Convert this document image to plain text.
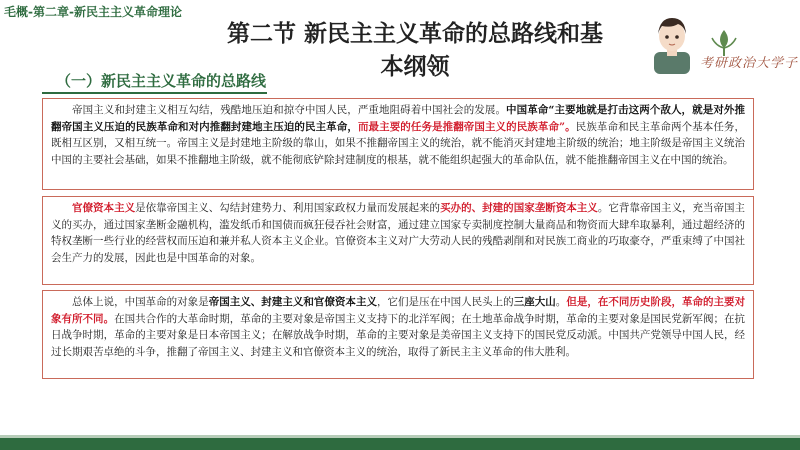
毛概-第二章-新民主主义革命理论
第二节 新民主主义革命的总路线和基
本纲领	考研政治大学子
（一）新民主主义革命的总路线

帝国主义和封建主义相互勾结，残酷地压迫和掠夺中国人民，严重地阻碍着中国社会的发展。中国革命“主要地就是打击这两个敌人，就是对外推翻帝国主义压迫的民族革命和对内推翻封建地主压迫的民主革命，而最主要的任务是推翻帝国主义的民族革命”。民族革命和民主革命两个基本任务，既相互区别，又相互统一。帝国主义是封建地主阶级的靠山，如果不推翻帝国主义的统治，就不能消灭封建地主阶级的统治；地主阶级是帝国主义统治中国的主要社会基础，如果不推翻地主阶级，就不能彻底铲除封建制度的根基，就不能组织起强大的革命队伍，就不能推翻帝国主义在中国的统治。

官僚资本主义是依靠帝国主义、勾结封建势力、利用国家政权力量而发展起来的买办的、封建的国家垄断资本主义。它背靠帝国主义，充当帝国主义的买办，通过国家垄断金融机构，滥发纸币和国债而疯狂侵吞社会财富，通过建立国家专卖制度控制大量商品和物资而大肆牟取暴利，通过超经济的特权垄断一些行业的经营权而压迫和兼并私人资本主义企业。官僚资本主义对广大劳动人民的残酷剥削和对民族工商业的巧取豪夺，严重束缚了中国社会生产力的发展，因此也是中国革命的对象。

总体上说，中国革命的对象是帝国主义、封建主义和官僚资本主义，它们是压在中国人民头上的三座大山。但是，在不同历史阶段，革命的主要对象有所不同。在国共合作的大革命时期，革命的主要对象是帝国主义支持下的北洋军阀；在土地革命战争时期，革命的主要对象是国民党新军阀；在抗日战争时期，革命的主要对象是日本帝国主义；在解放战争时期，革命的主要对象是美帝国主义支持下的国民党反动派。中国共产党领导中国人民，经过长期艰苦卓绝的斗争，推翻了帝国主义、封建主义和官僚资本主义的统治，取得了新民主主义革命的伟大胜利。
